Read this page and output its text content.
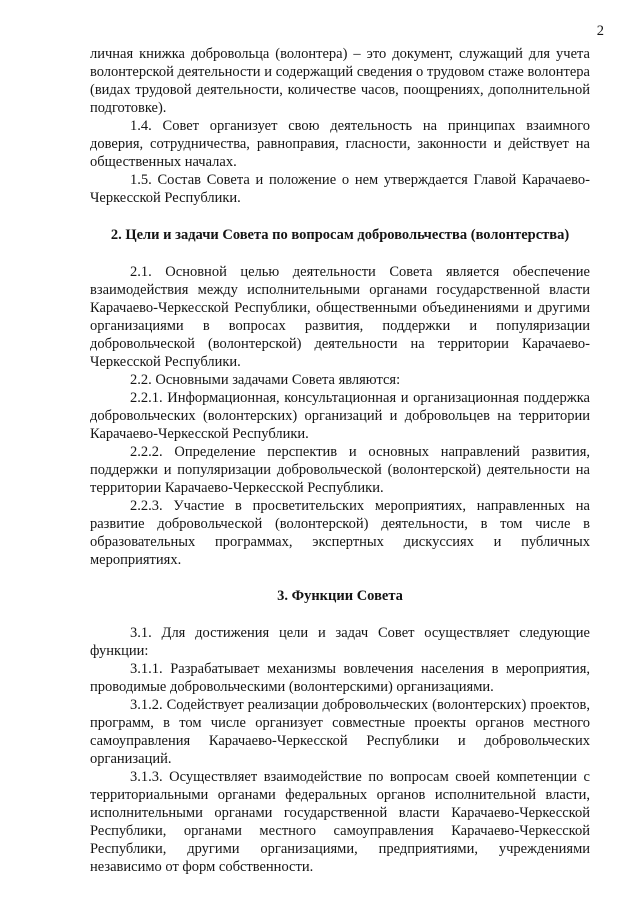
2

личная книжка добровольца (волонтера) – это документ, служащий для учета волонтерской деятельности и содержащий сведения о трудовом стаже волонтера (видах трудовой деятельности, количестве часов, поощрениях, дополнительной подготовке).

1.4. Совет организует свою деятельность на принципах взаимного доверия, сотрудничества, равноправия, гласности, законности и действует на общественных началах.

1.5. Состав Совета и положение о нем утверждается Главой Карачаево-Черкесской Республики.

2. Цели и задачи Совета по вопросам добровольчества (волонтерства)

2.1. Основной целью деятельности Совета является обеспечение взаимодействия между исполнительными органами государственной власти Карачаево-Черкесской Республики, общественными объединениями и другими организациями в вопросах развития, поддержки и популяризации добровольческой (волонтерской) деятельности на территории Карачаево-Черкесской Республики.

2.2. Основными задачами Совета являются:

2.2.1. Информационная, консультационная и организационная поддержка добровольческих (волонтерских) организаций и добровольцев на территории Карачаево-Черкесской Республики.

2.2.2. Определение перспектив и основных направлений развития, поддержки и популяризации добровольческой (волонтерской) деятельности на территории Карачаево-Черкесской Республики.

2.2.3. Участие в просветительских мероприятиях, направленных на развитие добровольческой (волонтерской) деятельности, в том числе в образовательных программах, экспертных дискуссиях и публичных мероприятиях.

3. Функции Совета

3.1. Для достижения цели и задач Совет осуществляет следующие функции:

3.1.1. Разрабатывает механизмы вовлечения населения в мероприятия, проводимые добровольческими (волонтерскими) организациями.

3.1.2. Содействует реализации добровольческих (волонтерских) проектов, программ, в том числе организует совместные проекты органов местного самоуправления Карачаево-Черкесской Республики и добровольческих организаций.

3.1.3. Осуществляет взаимодействие по вопросам своей компетенции с территориальными органами федеральных органов исполнительной власти, исполнительными органами государственной власти Карачаево-Черкесской Республики, органами местного самоуправления Карачаево-Черкесской Республики, другими организациями, предприятиями, учреждениями независимо от форм собственности.
